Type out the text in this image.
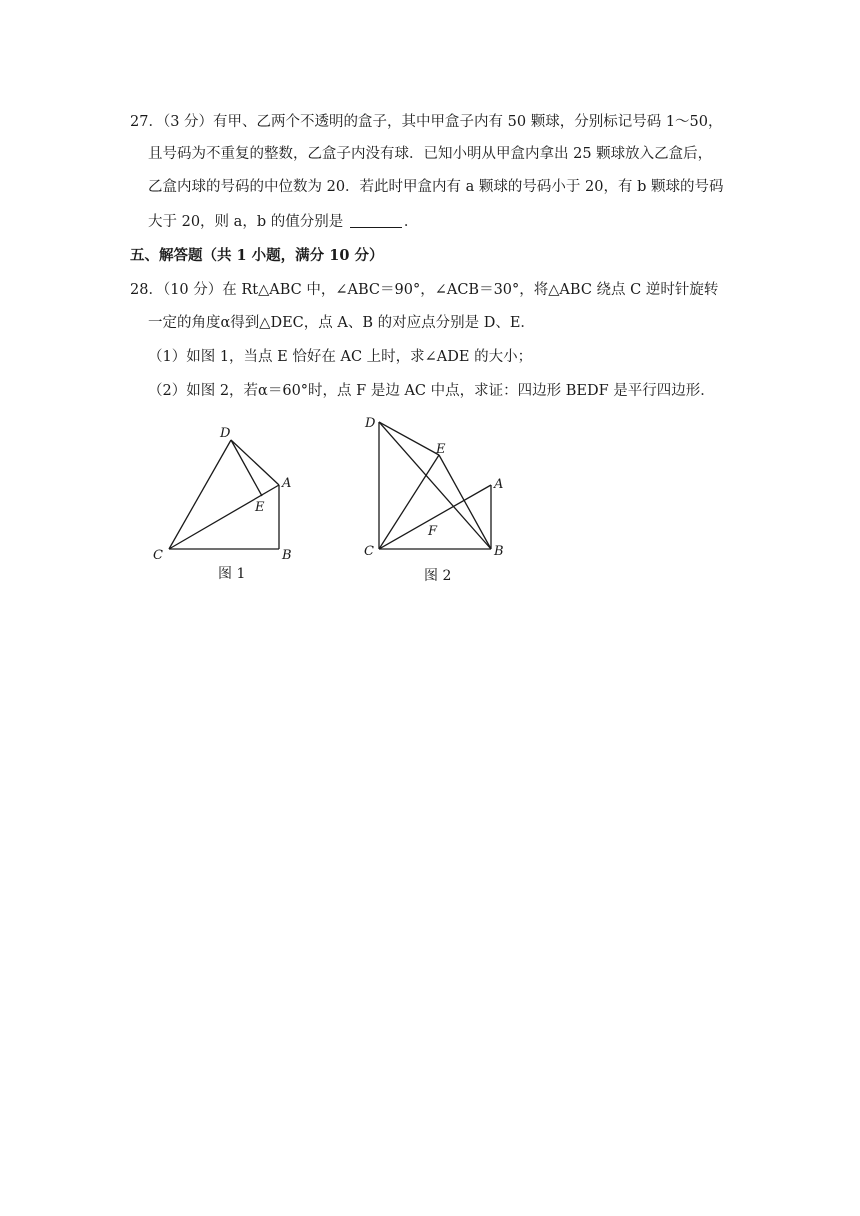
27．（3 分）有甲、乙两个不透明的盒子，其中甲盒子内有 50 颗球，分别标记号码 1～50，
且号码为不重复的整数，乙盒子内没有球．已知小明从甲盒内拿出 25 颗球放入乙盒后，
乙盒内球的号码的中位数为 20．若此时甲盒内有 a 颗球的号码小于 20，有 b 颗球的号码
大于 20，则 a，b 的值分别是	．
五、解答题（共 1 小题，满分 10 分）
28．（10 分）在 Rt△ABC 中，∠ABC＝90°，∠ACB＝30°，将△ABC 绕点 C 逆时针旋转
一定的角度α得到△DEC，点 A、B 的对应点分别是 D、E．
（1）如图 1，当点 E 恰好在 AC 上时，求∠ADE 的大小；
（2）如图 2，若α＝60°时，点 F 是边 AC 中点，求证：四边形 BEDF 是平行四边形．
D
E
A
C	B
图 1
D
E
A
F
C	B
图 2
